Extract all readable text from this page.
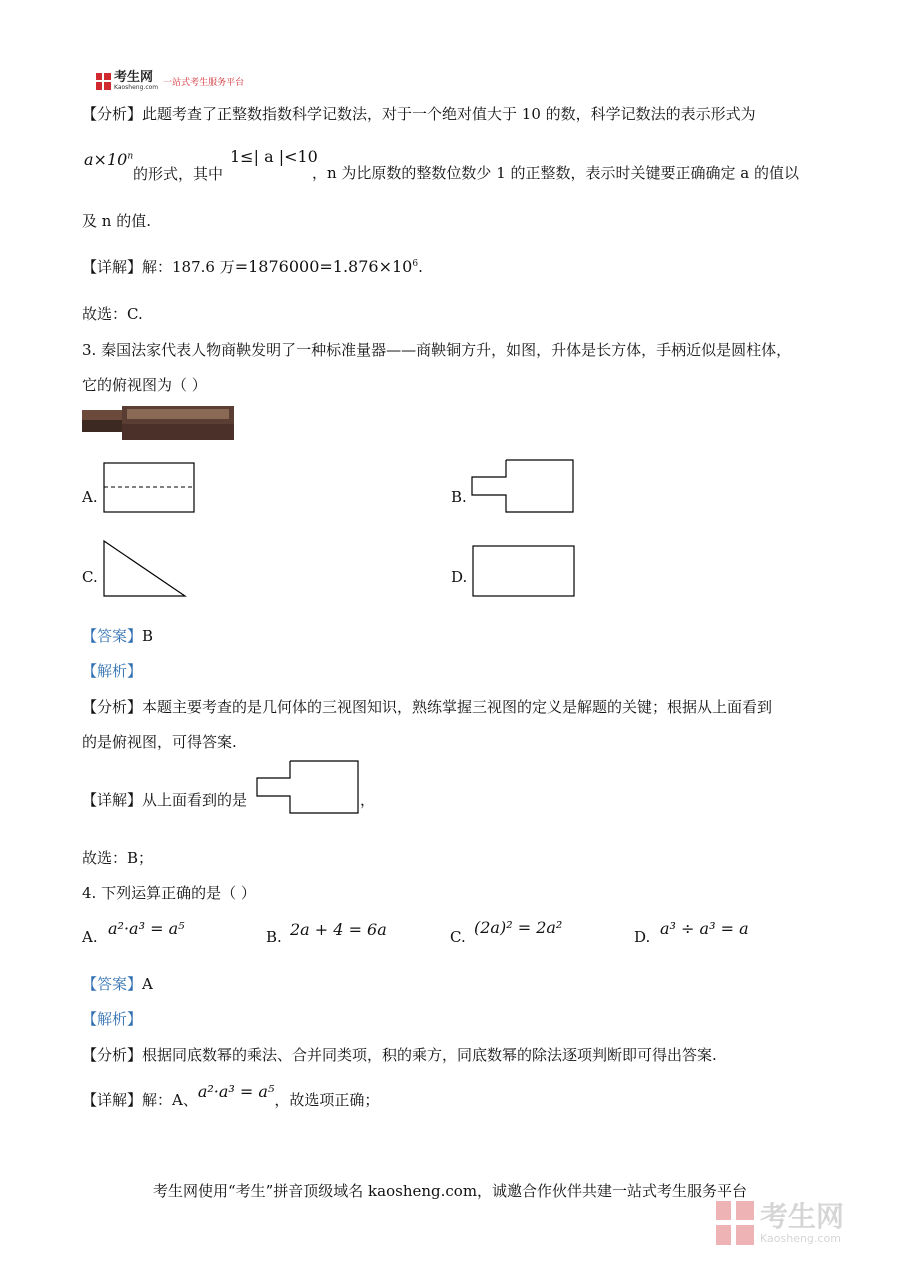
考生网
Kaosheng.com 一站式考生服务平台
【分析】此题考查了正整数指数科学记数法，对于一个绝对值大于 10 的数，科学记数法的表示形式为
$a\times 10^n$
的形式，其中
1≤| a |<10
，n 为比原数的整数位数少 1 的正整数，表示时关键要正确确定 a 的值以
及 n 的值.
【详解】解：187.6 万$=1876000=1.876\times 10^6$.
故选：C.
3. 秦国法家代表人物商鞅发明了一种标准量器——商鞅铜方升，如图，升体是长方体，手柄近似是圆柱体，
它的俯视图为（ ）
A.	B.
C.	D.
【答案】B
【解析】
【分析】本题主要考查的是几何体的三视图知识，熟练掌握三视图的定义是解题的关键；根据从上面看到
的是俯视图，可得答案.
【详解】从上面看到的是	，
故选：B；
4. 下列运算正确的是（ ）
A. a²·a³ = a⁵	B. 2a + 4 = 6a	C. (2a)² = 2a²	D. a³ ÷ a³ = a
【答案】A
【解析】
【分析】根据同底数幂的乘法、合并同类项，积的乘方，同底数幂的除法逐项判断即可得出答案.
【详解】解：A、a²·a³ = a⁵，故选项正确；
考生网使用“考生”拼音顶级域名 kaosheng.com，诚邀合作伙伴共建一站式考生服务平台
考生网
Kaosheng.com
